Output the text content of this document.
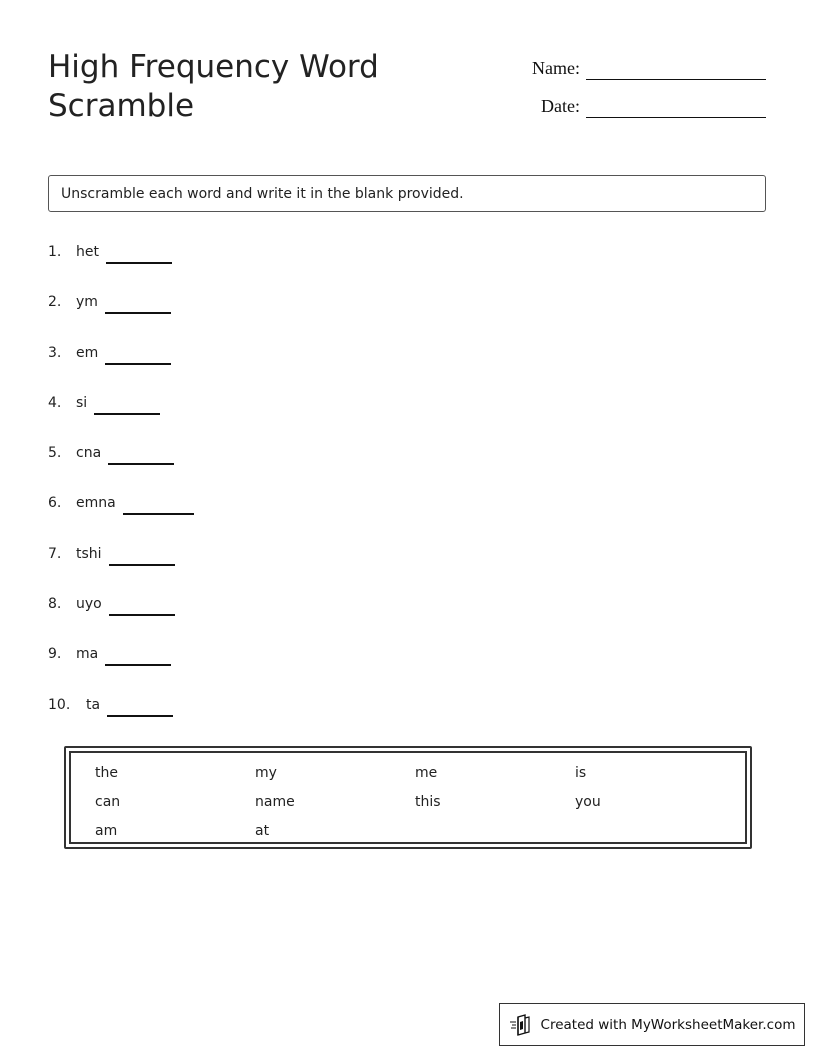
High Frequency Word
Scramble
Name:
Date:
Unscramble each word and write it in the blank provided.
1.	het
2.	ym
3.	em
4.	si
5.	cna
6.	emna
7.	tshi
8.	uyo
9.	ma
10.	ta
the	my	me	is
can	name	this	you
am	at
Created with MyWorksheetMaker.com
